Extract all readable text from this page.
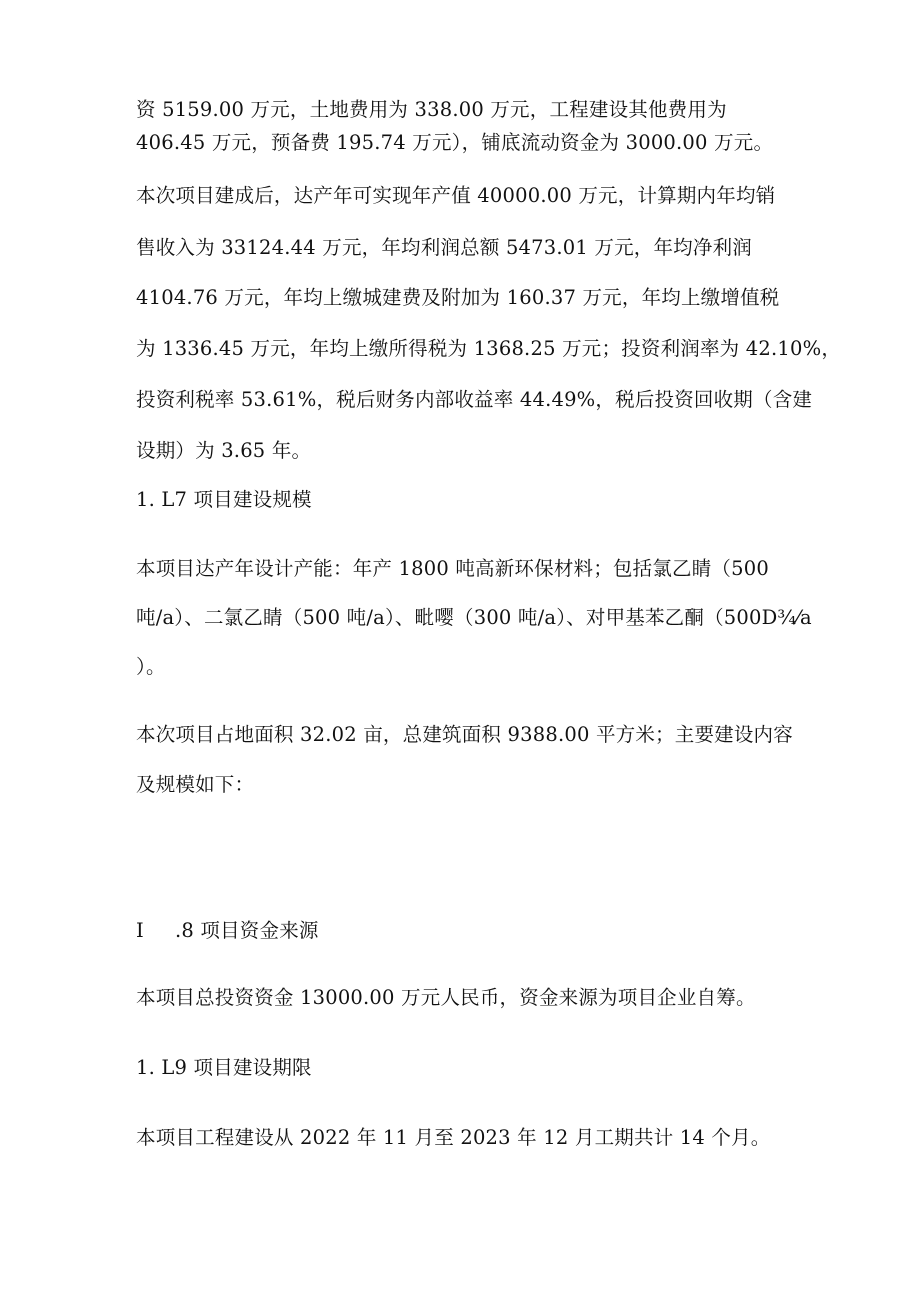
资 5159.00 万元，土地费用为 338.00 万元，工程建设其他费用为
406.45 万元，预备费 195.74 万元），铺底流动资金为 3000.00 万元。
本次项目建成后，达产年可实现年产值 40000.00 万元，计算期内年均销
售收入为 33124.44 万元，年均利润总额 5473.01 万元，年均净利润
4104.76 万元，年均上缴城建费及附加为 160.37 万元，年均上缴增值税
为 1336.45 万元，年均上缴所得税为 1368.25 万元；投资利润率为 42.10%，
投资利税率 53.61%，税后财务内部收益率 44.49%，税后投资回收期（含建
设期）为 3.65 年。
1. L7 项目建设规模
本项目达产年设计产能：年产 1800 吨高新环保材料；包括氯乙睛（500
吨/a）、二氯乙睛（500 吨/a）、毗嘤（300 吨/a）、对甲基苯乙酮（500D¾⁄a
）。
本次项目占地面积 32.02 亩，总建筑面积 9388.00 平方米；主要建设内容
及规模如下：
I .8 项目资金来源
本项目总投资资金 13000.00 万元人民币，资金来源为项目企业自筹。
1. L9 项目建设期限
本项目工程建设从 2022 年 11 月至 2023 年 12 月工期共计 14 个月。
